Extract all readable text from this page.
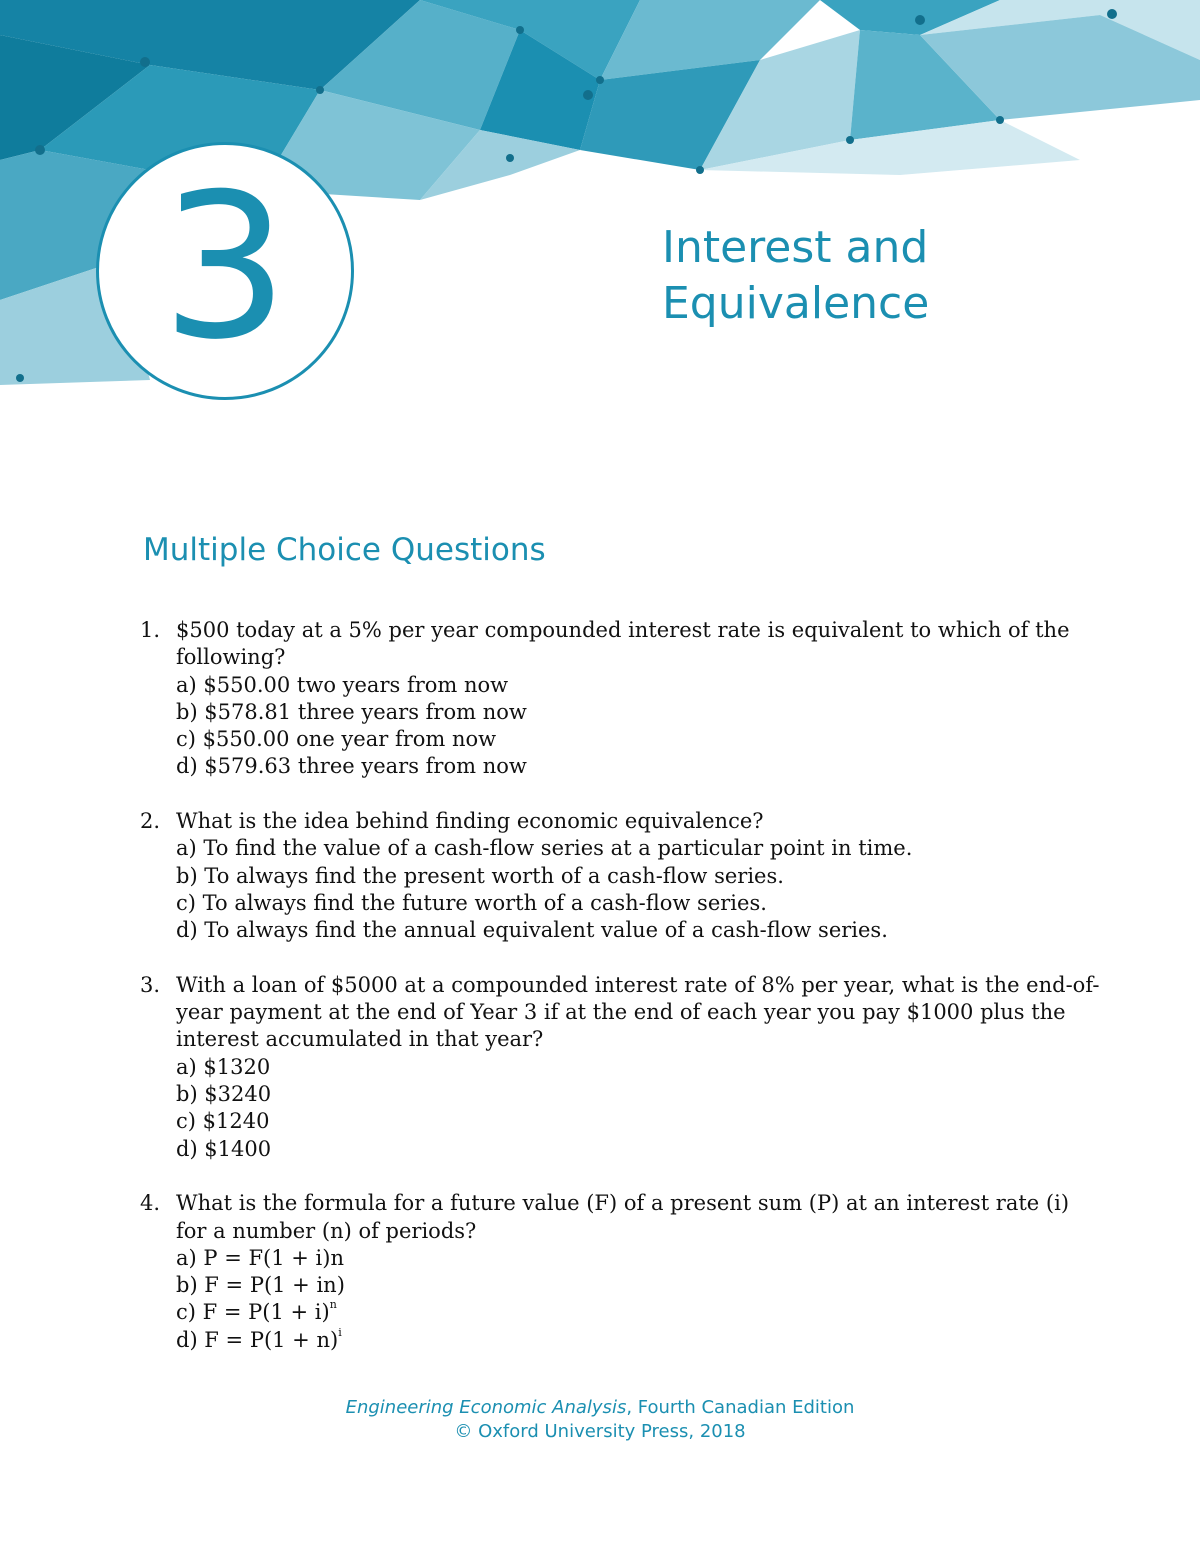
3	Interest and
Equivalence
Multiple Choice Questions
1. $500 today at a 5% per year compounded interest rate is equivalent to which of the following?
a) $550.00 two years from now
b) $578.81 three years from now
c) $550.00 one year from now
d) $579.63 three years from now
2. What is the idea behind finding economic equivalence?
a) To find the value of a cash-flow series at a particular point in time.
b) To always find the present worth of a cash-flow series.
c) To always find the future worth of a cash-flow series.
d) To always find the annual equivalent value of a cash-flow series.
3. With a loan of $5000 at a compounded interest rate of 8% per year, what is the end-of-year payment at the end of Year 3 if at the end of each year you pay $1000 plus the interest accumulated in that year?
a) $1320
b) $3240
c) $1240
d) $1400
4. What is the formula for a future value (F) of a present sum (P) at an interest rate (i) for a number (n) of periods?
a) P = F(1 + i)n
b) F = P(1 + in)
c) $F = P(1 + i)^n$
d) $F = P(1 + n)^i$
Engineering Economic Analysis, Fourth Canadian Edition
© Oxford University Press, 2018
